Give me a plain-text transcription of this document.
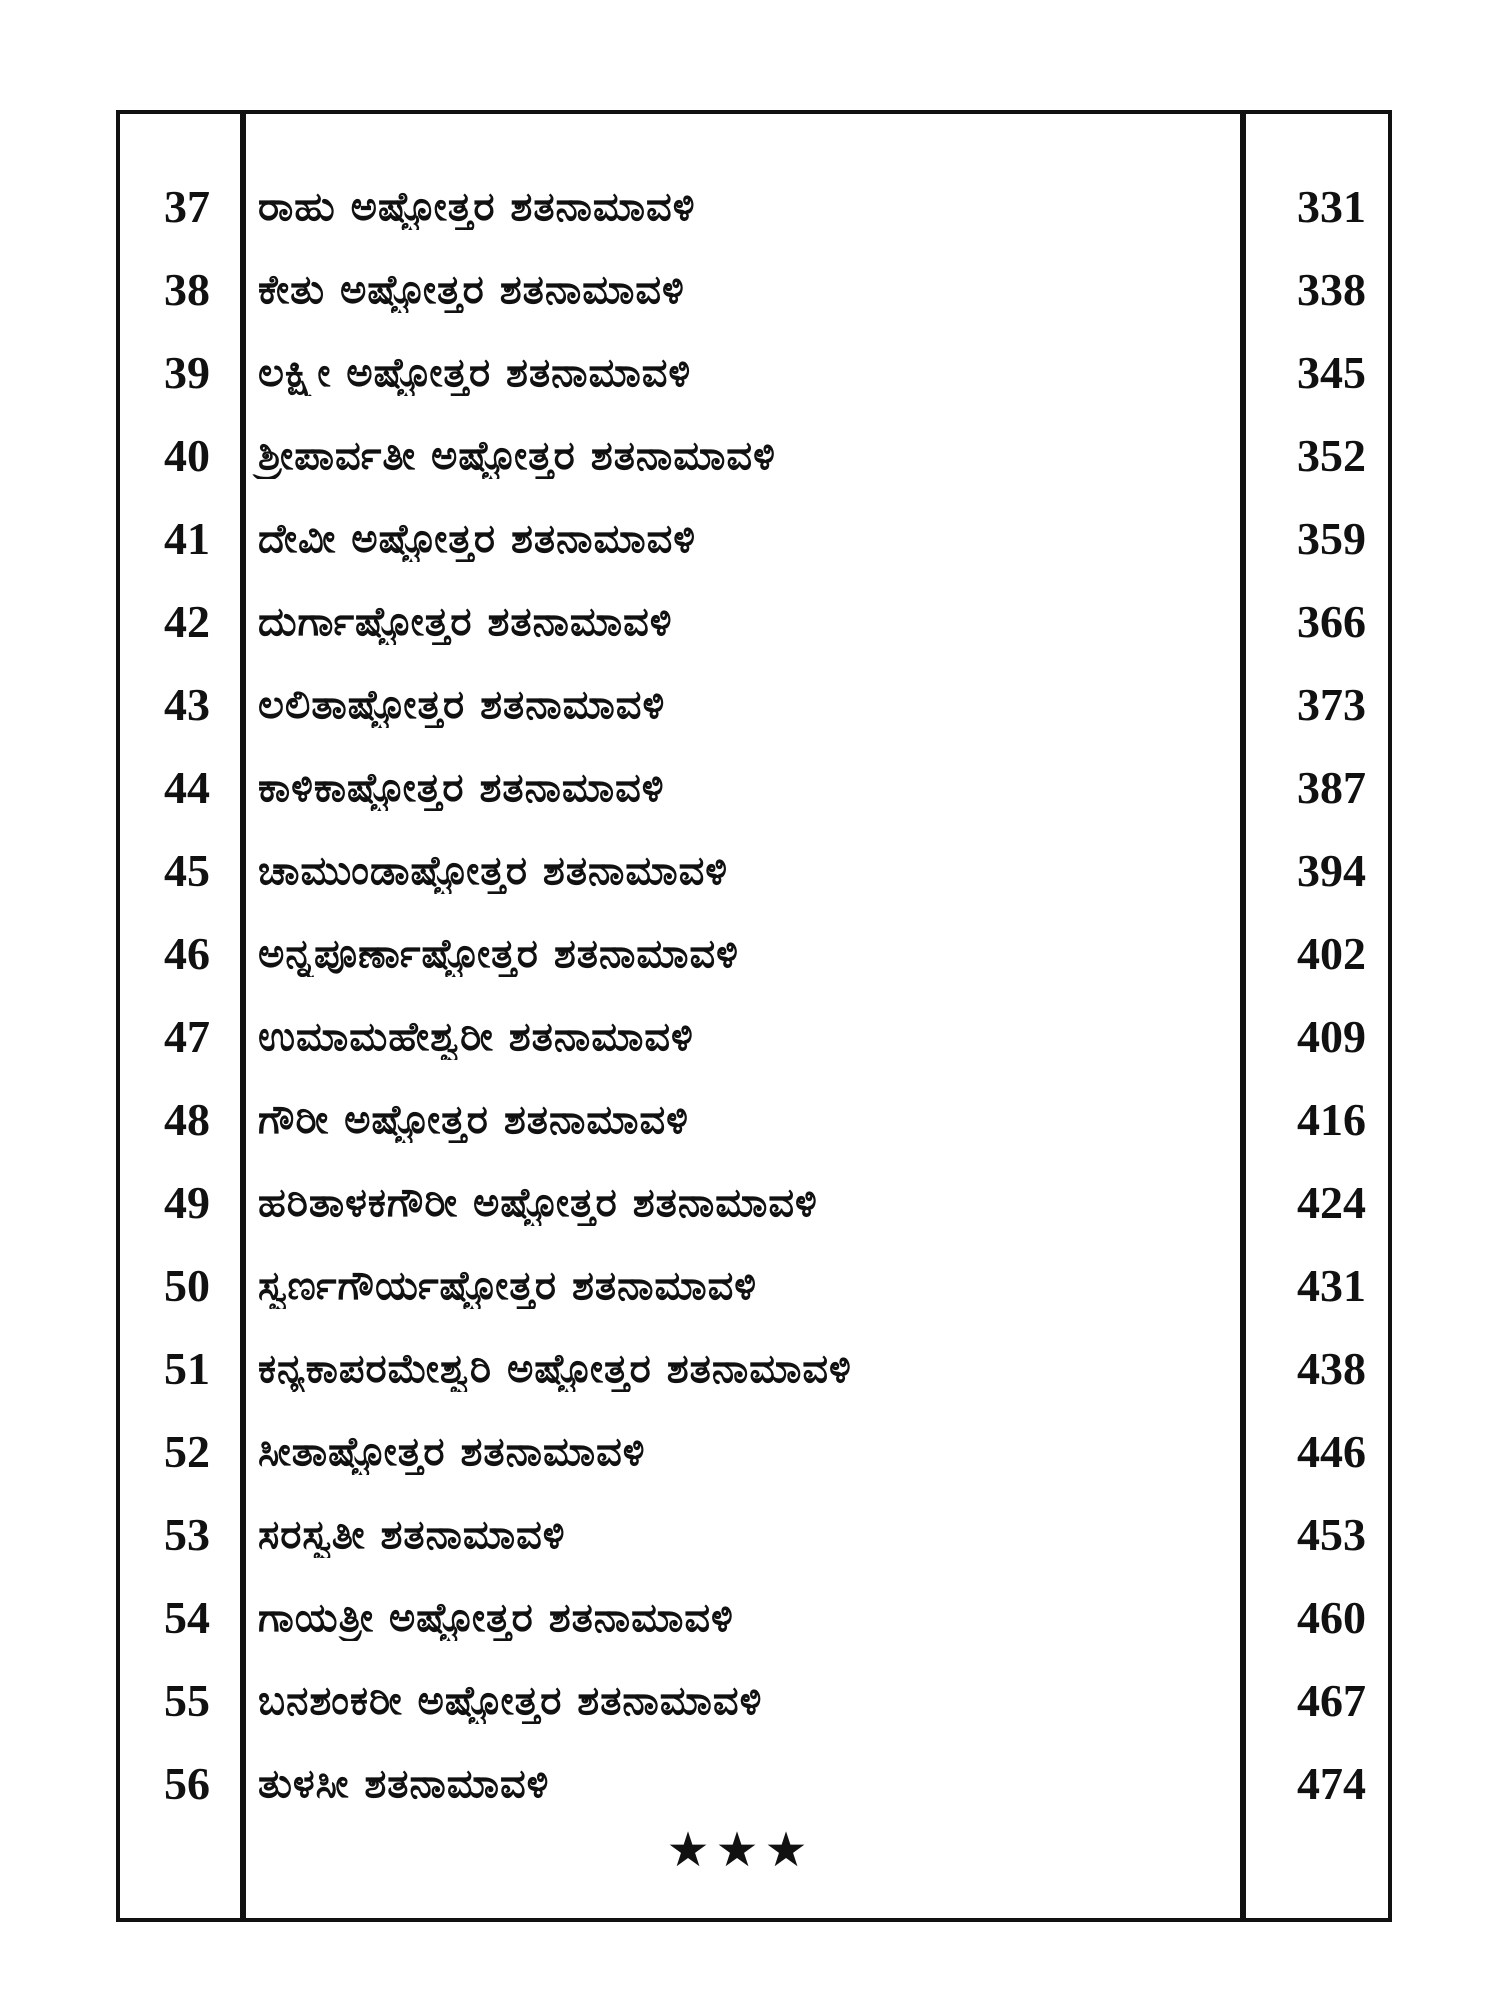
37	ರಾಹು ಅಷ್ಟೋತ್ತರ ಶತನಾಮಾವಳಿ	331
38	ಕೇತು ಅಷ್ಟೋತ್ತರ ಶತನಾಮಾವಳಿ	338
39	ಲಕ್ಷ್ಮೀ ಅಷ್ಟೋತ್ತರ ಶತನಾಮಾವಳಿ	345
40	ಶ್ರೀಪಾರ್ವತೀ ಅಷ್ಟೋತ್ತರ ಶತನಾಮಾವಳಿ	352
41	ದೇವೀ ಅಷ್ಟೋತ್ತರ ಶತನಾಮಾವಳಿ	359
42	ದುರ್ಗಾಷ್ಟೋತ್ತರ ಶತನಾಮಾವಳಿ	366
43	ಲಲಿತಾಷ್ಟೋತ್ತರ ಶತನಾಮಾವಳಿ	373
44	ಕಾಳಿಕಾಷ್ಟೋತ್ತರ ಶತನಾಮಾವಳಿ	387
45	ಚಾಮುಂಡಾಷ್ಟೋತ್ತರ ಶತನಾಮಾವಳಿ	394
46	ಅನ್ನಪೂರ್ಣಾಷ್ಟೋತ್ತರ ಶತನಾಮಾವಳಿ	402
47	ಉಮಾಮಹೇಶ್ವರೀ ಶತನಾಮಾವಳಿ	409
48	ಗೌರೀ ಅಷ್ಟೋತ್ತರ ಶತನಾಮಾವಳಿ	416
49	ಹರಿತಾಳಕಗೌರೀ ಅಷ್ಟೋತ್ತರ ಶತನಾಮಾವಳಿ	424
50	ಸ್ವರ್ಣಗೌರ್ಯಷ್ಟೋತ್ತರ ಶತನಾಮಾವಳಿ	431
51	ಕನ್ಯಕಾಪರಮೇಶ್ವರಿ ಅಷ್ಟೋತ್ತರ ಶತನಾಮಾವಳಿ	438
52	ಸೀತಾಷ್ಟೋತ್ತರ ಶತನಾಮಾವಳಿ	446
53	ಸರಸ್ವತೀ ಶತನಾಮಾವಳಿ	453
54	ಗಾಯತ್ರೀ ಅಷ್ಟೋತ್ತರ ಶತನಾಮಾವಳಿ	460
55	ಬನಶಂಕರೀ ಅಷ್ಟೋತ್ತರ ಶತನಾಮಾವಳಿ	467
56	ತುಳಸೀ ಶತನಾಮಾವಳಿ	474
★★★
